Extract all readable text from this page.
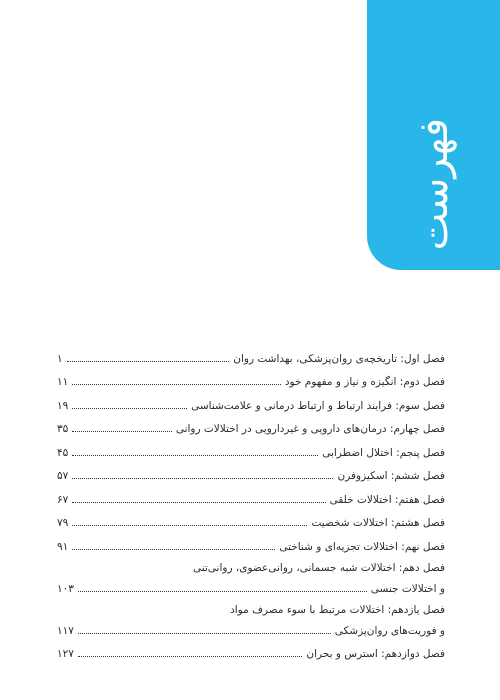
فهرست
فصل اول: تاریخچه‌ی روان‌پزشکی، بهداشت روان
۱
فصل دوم: انگیزه و نیاز و مفهوم خود
۱۱
فصل سوم: فرایند ارتباط و ارتباط درمانی و علامت‌شناسی
۱۹
فصل چهارم: درمان‌های دارویی و غیردارویی در اختلالات روانی
۳۵
فصل پنجم: اختلال اضطرابی
۴۵
فصل ششم: اسکیزوفرن
۵۷
فصل هفتم: اختلالات خلقی
۶۷
فصل هشتم: اختلالات شخصیت
۷۹
فصل نهم: اختلالات تجزیه‌ای و شناختی
۹۱
فصل دهم: اختلالات شبه جسمانی، روانی‌عضوی، روانی‌تنی
و اختلالات جنسی
۱۰۳
فصل یازدهم: اختلالات مرتبط با سوء مصرف مواد
و فوریت‌های روان‌پزشکی
۱۱۷
فصل دوازدهم: استرس و بحران
۱۲۷
